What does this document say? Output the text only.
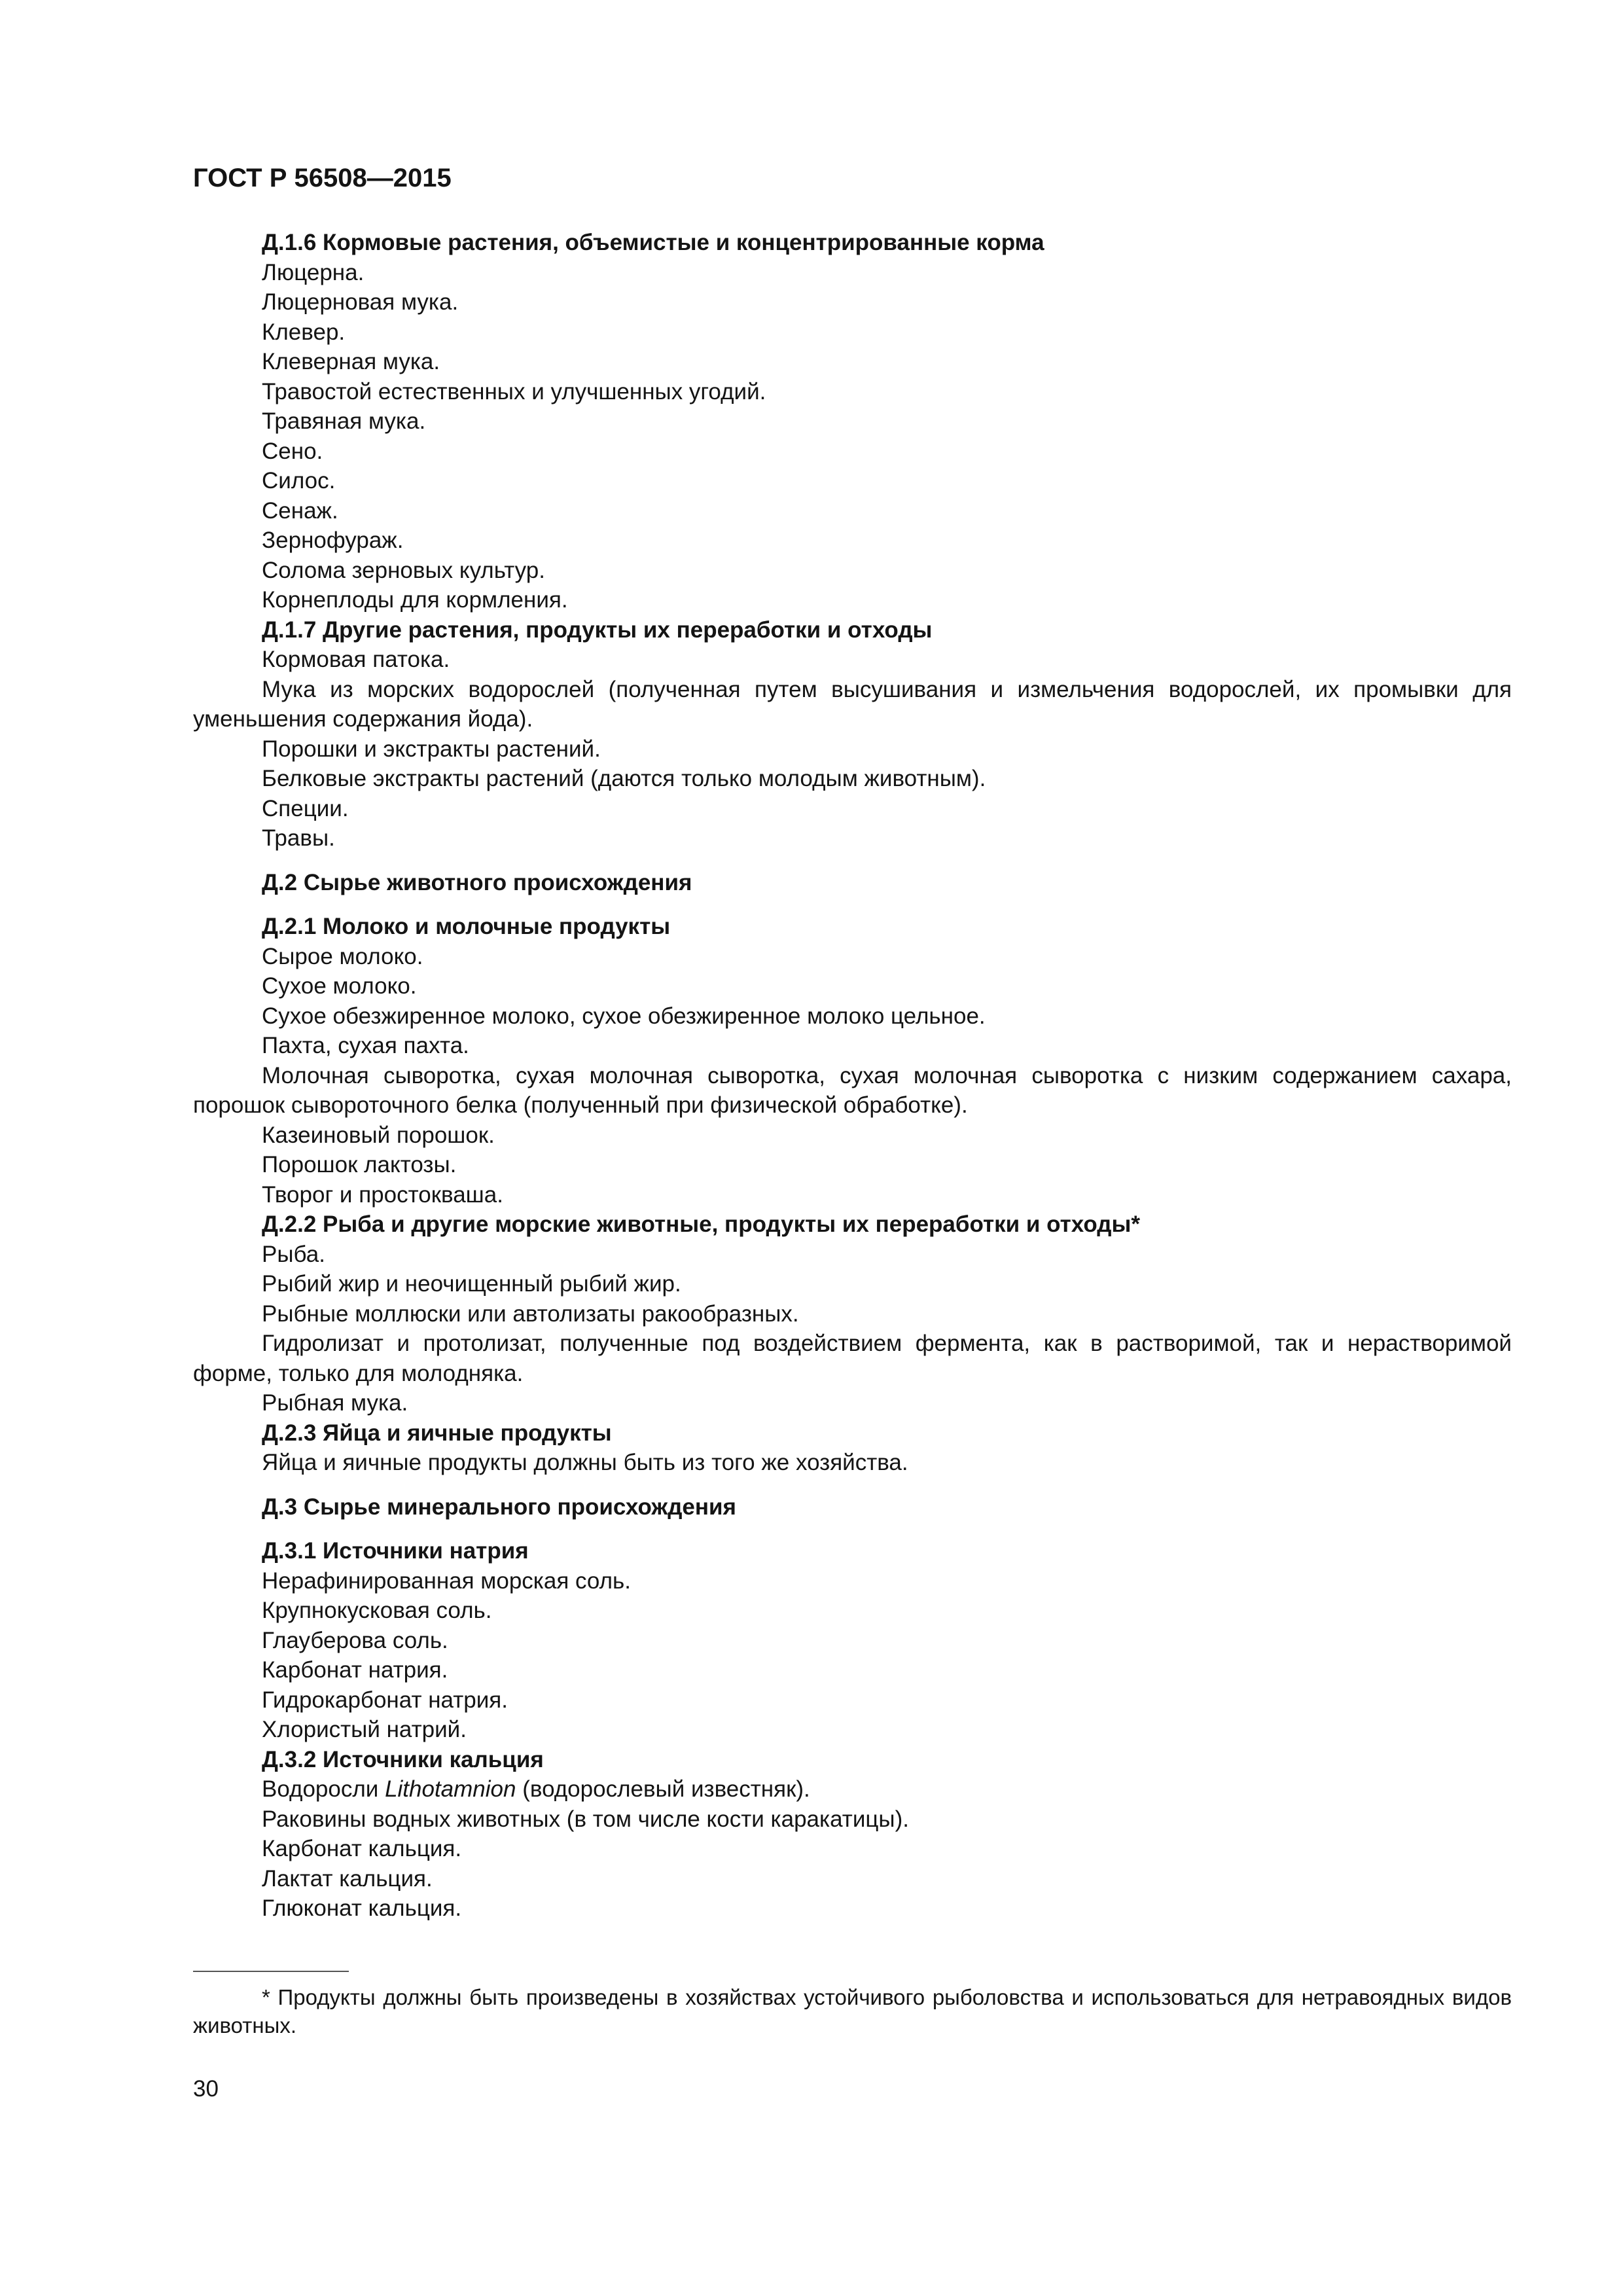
ГОСТ Р 56508—2015

Д.1.6 Кормовые растения, объемистые и концентрированные корма

Люцерна.

Люцерновая мука.

Клевер.

Клеверная мука.

Травостой естественных и улучшенных угодий.

Травяная мука.

Сено.

Силос.

Сенаж.

Зернофураж.

Солома зерновых культур.

Корнеплоды для кормления.

Д.1.7 Другие растения, продукты их переработки и отходы

Кормовая патока.

Мука из морских водорослей (полученная путем высушивания и измельчения водорослей, их промывки для уменьшения содержания йода).

Порошки и экстракты растений.

Белковые экстракты растений (даются только молодым животным).

Специи.

Травы.

Д.2 Сырье животного происхождения

Д.2.1 Молоко и молочные продукты

Сырое молоко.

Сухое молоко.

Сухое обезжиренное молоко, сухое обезжиренное молоко цельное.

Пахта, сухая пахта.

Молочная сыворотка, сухая молочная сыворотка, сухая молочная сыворотка с низким содержанием сахара, порошок сывороточного белка (полученный при физической обработке).

Казеиновый порошок.

Порошок лактозы.

Творог и простокваша.

Д.2.2 Рыба и другие морские животные, продукты их переработки и отходы*

Рыба.

Рыбий жир и неочищенный рыбий жир.

Рыбные моллюски или автолизаты ракообразных.

Гидролизат и протолизат, полученные под воздействием фермента, как в растворимой, так и нерастворимой форме, только для молодняка.

Рыбная мука.

Д.2.3 Яйца и яичные продукты

Яйца и яичные продукты должны быть из того же хозяйства.

Д.3 Сырье минерального происхождения

Д.3.1 Источники натрия

Нерафинированная морская соль.

Крупнокусковая соль.

Глауберова соль.

Карбонат натрия.

Гидрокарбонат натрия.

Хлористый натрий.

Д.3.2 Источники кальция

Водоросли Lithotamnion (водорослевый известняк).

Раковины водных животных (в том числе кости каракатицы).

Карбонат кальция.

Лактат кальция.

Глюконат кальция.

* Продукты должны быть произведены в хозяйствах устойчивого рыболовства и использоваться для нетравоядных видов животных.

30
